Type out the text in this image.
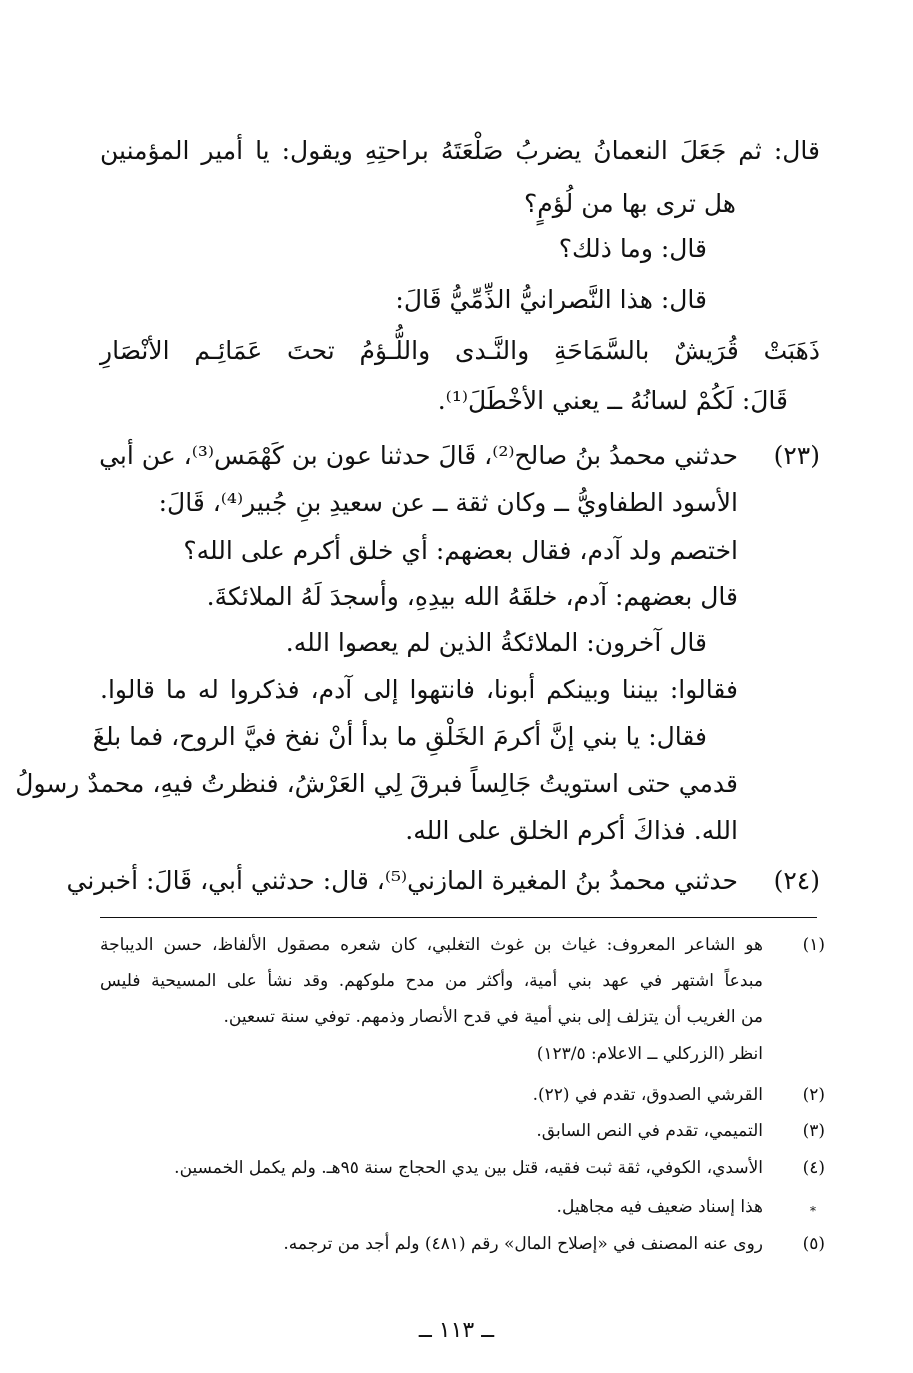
قال: ثم جَعَلَ النعمانُ يضربُ صَلْعَتَهُ براحتِهِ ويقول: يا أمير المؤمنين
هل ترى بها من لُؤمٍ؟
قال: وما ذلك؟
قال: هذا النَّصرانيُّ الذِّمِّيُّ قَالَ:
ذَهَبَتْ قُرَيشٌ بالسَّمَاحَةِ والنَّـدى واللُّـؤمُ تحتَ عَمَائِـم الأنْصَارِ
قَالَ: لَكُمْ لسانُهُ ــ يعني الأخْطَلَ⁽¹⁾.
(٢٣)
حدثني محمدُ بنُ صالح⁽²⁾، قَالَ حدثنا عون بن كَهْمَس⁽³⁾، عن أبي
الأسود الطفاويُّ ــ وكان ثقة ــ عن سعيدِ بنِ جُبير⁽⁴⁾، قَالَ:
اختصم ولد آدم، فقال بعضهم: أي خلق أكرم على الله؟
قال بعضهم: آدم، خلقَهُ الله بيدِهِ، وأسجدَ لَهُ الملائكةَ.
قال آخرون: الملائكةُ الذين لم يعصوا الله.
فقالوا: بيننا وبينكم أبونا، فانتهوا إلى آدم، فذكروا له ما قالوا.
فقال: يا بني إنَّ أكرمَ الخَلْقِ ما بدأ أنْ نفخ فيَّ الروح، فما بلغَ
قدمي حتى استويتُ جَالِساً فبرقَ لِي العَرْشُ، فنظرتُ فيهِ، محمدٌ رسولُ
الله. فذاكَ أكرم الخلق على الله.
(٢٤)
حدثني محمدُ بنُ المغيرة المازني⁽⁵⁾، قال: حدثني أبي، قَالَ: أخبرني
(١)
هو الشاعر المعروف: غياث بن غوث التغلبي، كان شعره مصقول الألفاظ، حسن الديباجة
مبدعاً اشتهر في عهد بني أمية، وأكثر من مدح ملوكهم. وقد نشأ على المسيحية فليس
من الغريب أن يتزلف إلى بني أمية في قدح الأنصار وذمهم. توفي سنة تسعين.
انظر (الزركلي ــ الاعلام: ١٢٣/٥)
(٢)
القرشي الصدوق، تقدم في (٢٢).
(٣)
التميمي، تقدم في النص السابق.
(٤)
الأسدي، الكوفي، ثقة ثبت فقيه، قتل بين يدي الحجاج سنة ٩٥هـ. ولم يكمل الخمسين.
*
هذا إسناد ضعيف فيه مجاهيل.
(٥)
روى عنه المصنف في «إصلاح المال» رقم (٤٨١) ولم أجد من ترجمه.
ــ ١١٣ ــ
